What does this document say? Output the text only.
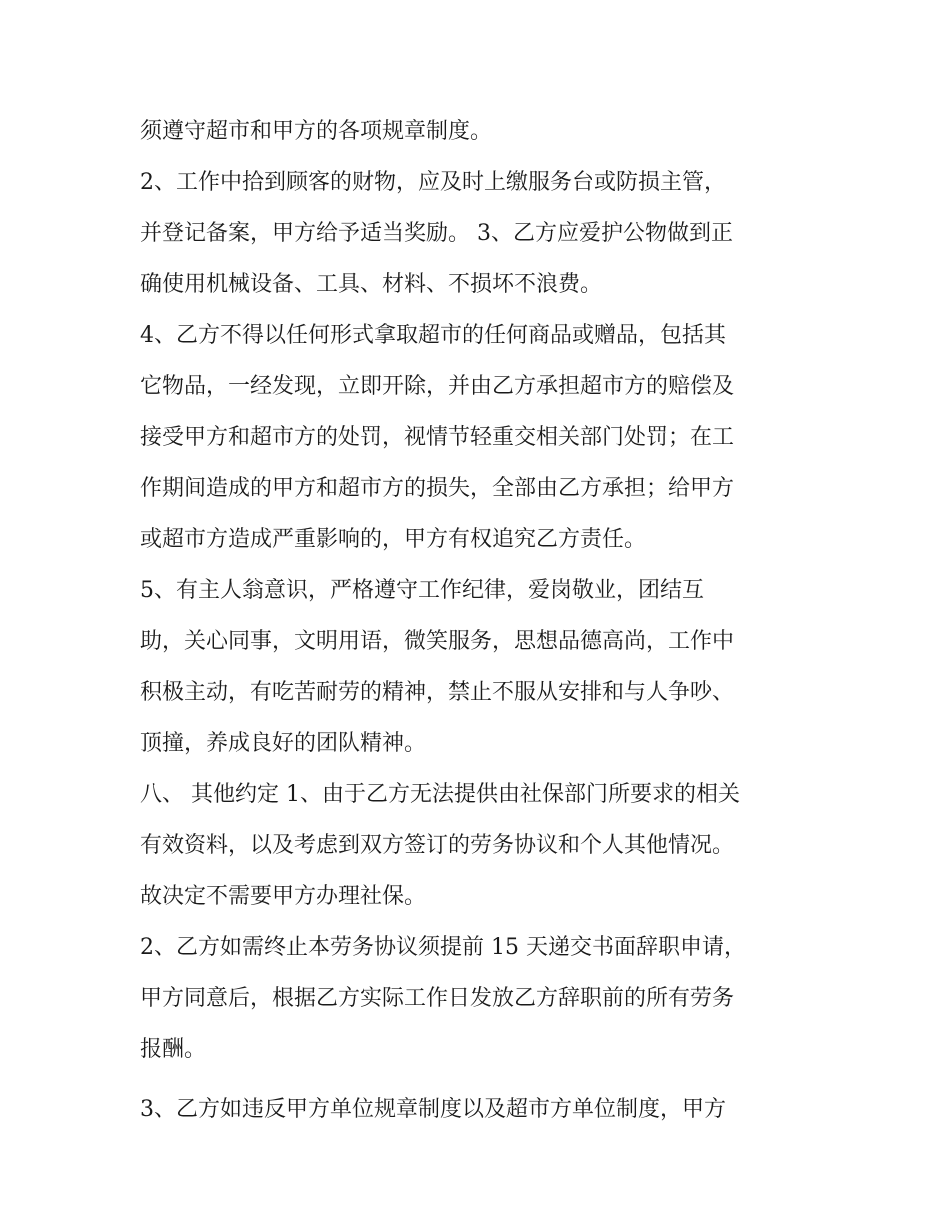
须遵守超市和甲方的各项规章制度。
2、工作中拾到顾客的财物，应及时上缴服务台或防损主管，
并登记备案，甲方给予适当奖励。 3、乙方应爱护公物做到正
确使用机械设备、工具、材料、不损坏不浪费。
4、乙方不得以任何形式拿取超市的任何商品或赠品，包括其
它物品，一经发现，立即开除，并由乙方承担超市方的赔偿及
接受甲方和超市方的处罚，视情节轻重交相关部门处罚；在工
作期间造成的甲方和超市方的损失，全部由乙方承担；给甲方
或超市方造成严重影响的，甲方有权追究乙方责任。
5、有主人翁意识，严格遵守工作纪律，爱岗敬业，团结互
助，关心同事，文明用语，微笑服务，思想品德高尚，工作中
积极主动，有吃苦耐劳的精神，禁止不服从安排和与人争吵、
顶撞，养成良好的团队精神。
八、 其他约定 1、由于乙方无法提供由社保部门所要求的相关
有效资料，以及考虑到双方签订的劳务协议和个人其他情况。
故决定不需要甲方办理社保。
2、乙方如需终止本劳务协议须提前 15 天递交书面辞职申请，
甲方同意后，根据乙方实际工作日发放乙方辞职前的所有劳务
报酬。
3、乙方如违反甲方单位规章制度以及超市方单位制度，甲方
